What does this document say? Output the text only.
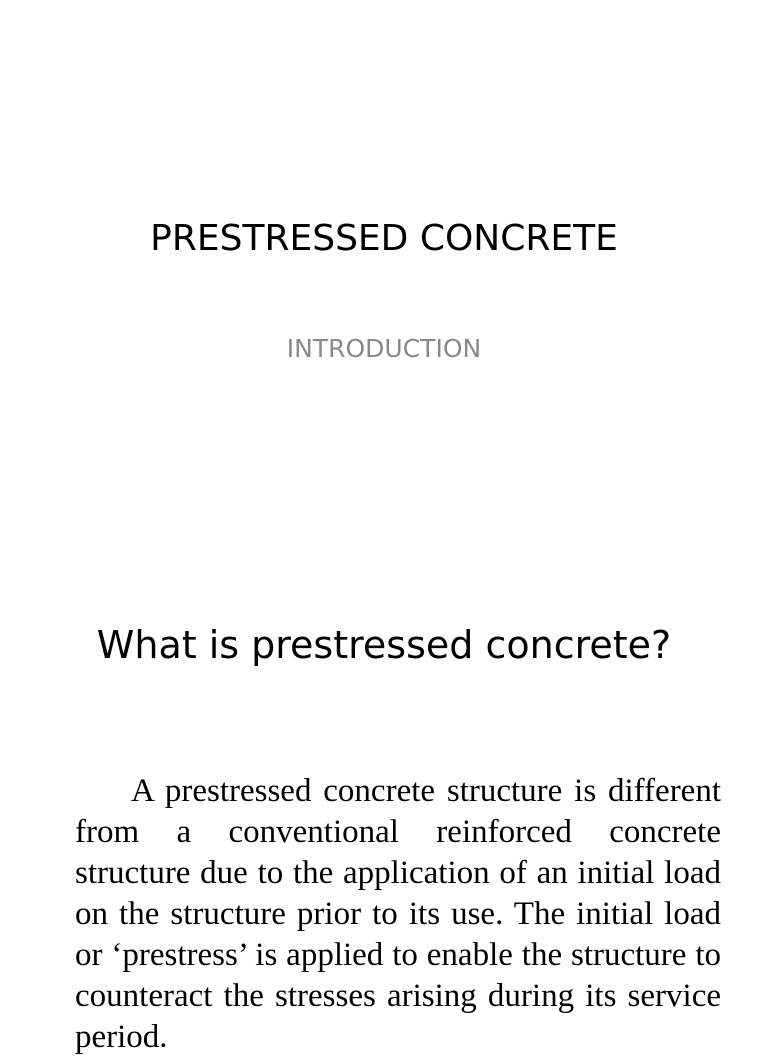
PRESTRESSED CONCRETE
INTRODUCTION
What is prestressed concrete?

A prestressed concrete structure is different from a conventional reinforced concrete structure due to the application of an initial load on the structure prior to its use. The initial load or ‘prestress’ is applied to enable the structure to counteract the stresses arising during its service period.
